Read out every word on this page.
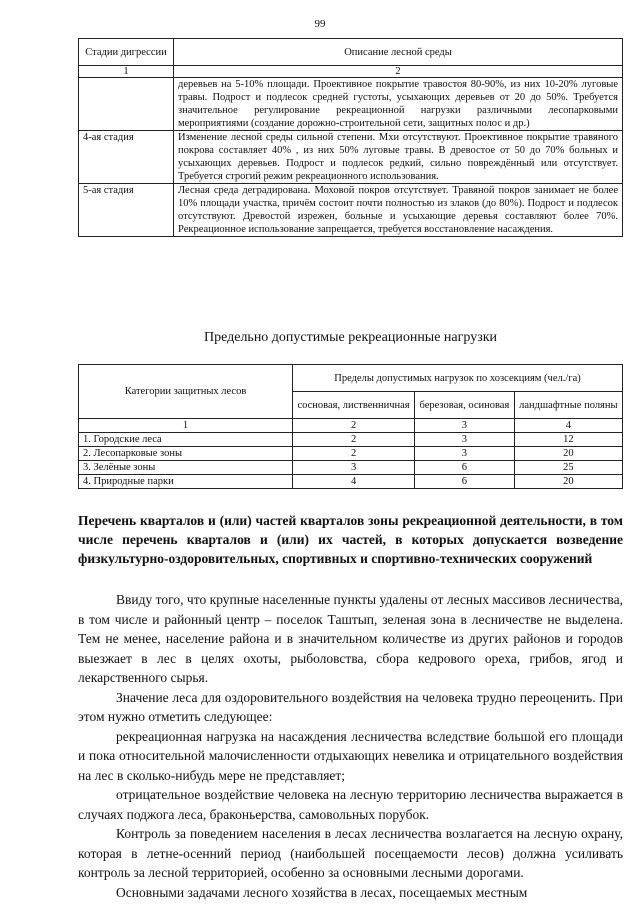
99
Стадии дигрессии	Описание лесной среды
1	2
	деревьев на 5-10% площади. Проективное покрытие травостоя 80-90%, из них 10-20% луговые травы. Подрост и подлесок средней густоты, усыхающих деревьев от 20 до 50%. Требуется значительное регулирование рекреационной нагрузки различными лесопарковыми мероприятиями (создание дорожно-строительной сети, защитных полос и др.)
4-ая стадия	Изменение лесной среды сильной степени. Мхи отсутствуют. Проективное покрытие травяного покрова составляет 40% , из них 50% луговые травы. В древостое от 50 до 70% больных и усыхающих деревьев. Подрост и подлесок редкий, сильно повреждённый или отсутствует. Требуется строгий режим рекреационного использования.
5-ая стадия	Лесная среда деградирована. Моховой покров отсутствует. Травяной покров занимает не более 10% площади участка, причём состоит почти полностью из злаков (до 80%). Подрост и подлесок отсутствуют. Древостой изрежен, больные и усыхающие деревья составляют более 70%. Рекреационное использование запрещается, требуется восстановление насаждения.
Предельно допустимые рекреационные нагрузки
Категории защитных лесов	Пределы допустимых нагрузок по хозсекциям (чел./га)		
	сосновая, лиственничная	березовая, осиновая	ландшафтные поляны
1	2	3	4
1. Городские леса	2	3	12
2. Лесопарковые зоны	2	3	20
3. Зелёные зоны	3	6	25
4. Природные парки	4	6	20
Перечень кварталов и (или) частей кварталов зоны рекреационной деятельности, в том числе перечень кварталов и (или) их частей, в которых допускается возведение физкультурно-оздоровительных, спортивных и спортивно-технических сооружений

Ввиду того, что крупные населенные пункты удалены от лесных массивов лесничества, в том числе и районный центр – поселок Таштып, зеленая зона в лесничестве не выделена. Тем не менее, население района и в значительном количестве из других районов и городов выезжает в лес в целях охоты, рыболовства, сбора кедрового ореха, грибов, ягод и лекарственного сырья.

Значение леса для оздоровительного воздействия на человека трудно переоценить. При этом нужно отметить следующее:

рекреационная нагрузка на насаждения лесничества вследствие большой его площади и пока относительной малочисленности отдыхающих невелика и отрицательного воздействия на лес в сколько-нибудь мере не представляет;

отрицательное воздействие человека на лесную территорию лесничества выражается в случаях поджога леса, браконьерства, самовольных порубок.

Контроль за поведением населения в лесах лесничества возлагается на лесную охрану, которая в летне-осенний период (наибольшей посещаемости лесов) должна усиливать контроль за лесной территорией, особенно за основными лесными дорогами.

Основными задачами лесного хозяйства в лесах, посещаемых местным
